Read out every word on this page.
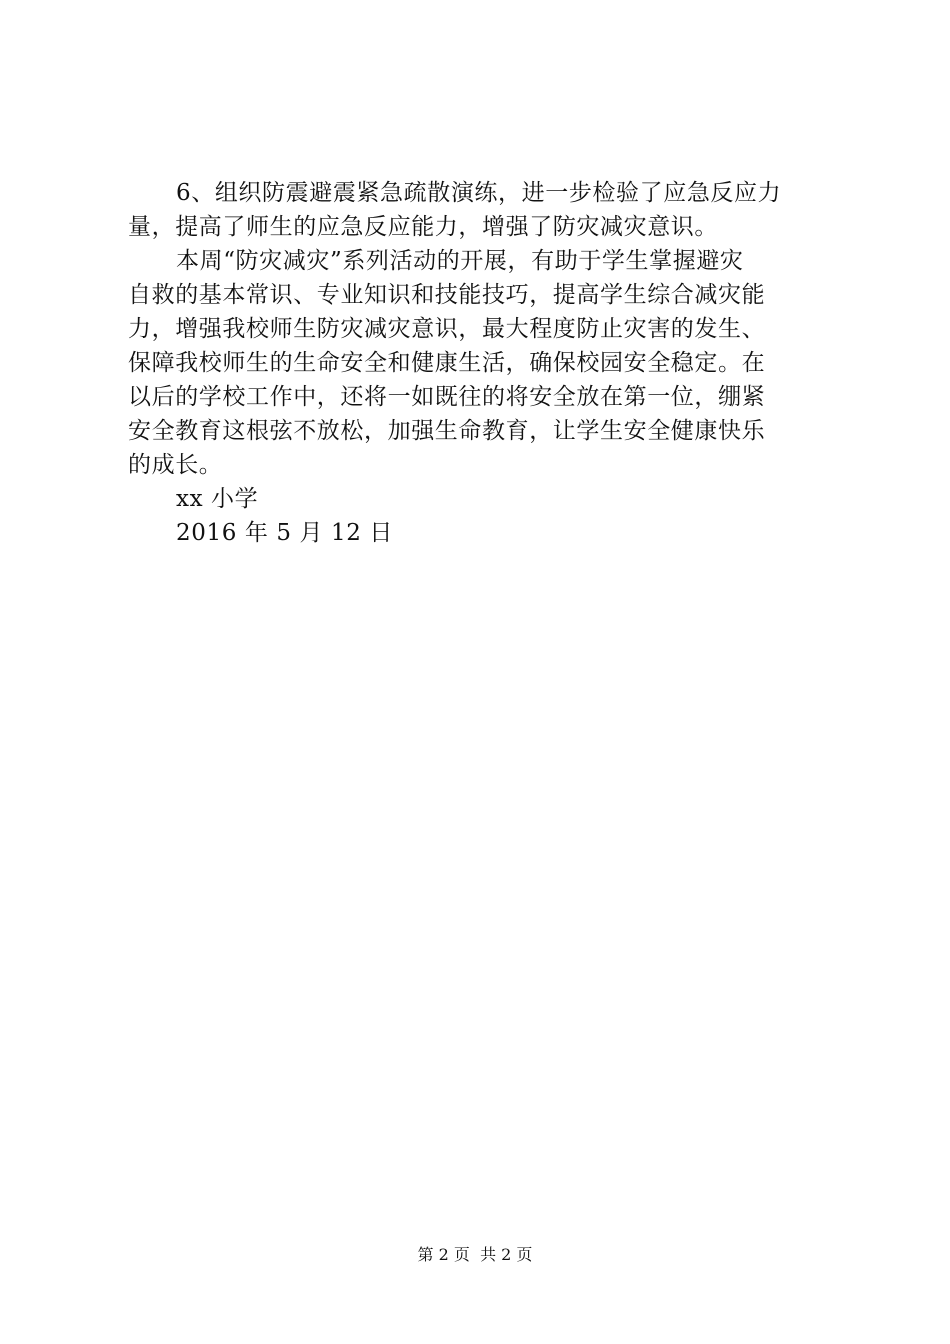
6、组织防震避震紧急疏散演练，进一步检验了应急反应力
量，提高了师生的应急反应能力，增强了防灾减灾意识。
本周“防灾减灾”系列活动的开展，有助于学生掌握避灾
自救的基本常识、专业知识和技能技巧，提高学生综合减灾能
力，增强我校师生防灾减灾意识，最大程度防止灾害的发生、
保障我校师生的生命安全和健康生活，确保校园安全稳定。在
以后的学校工作中，还将一如既往的将安全放在第一位，绷紧
安全教育这根弦不放松，加强生命教育，让学生安全健康快乐
的成长。
xx 小学
2016 年 5 月 12 日
第 2 页  共 2 页
